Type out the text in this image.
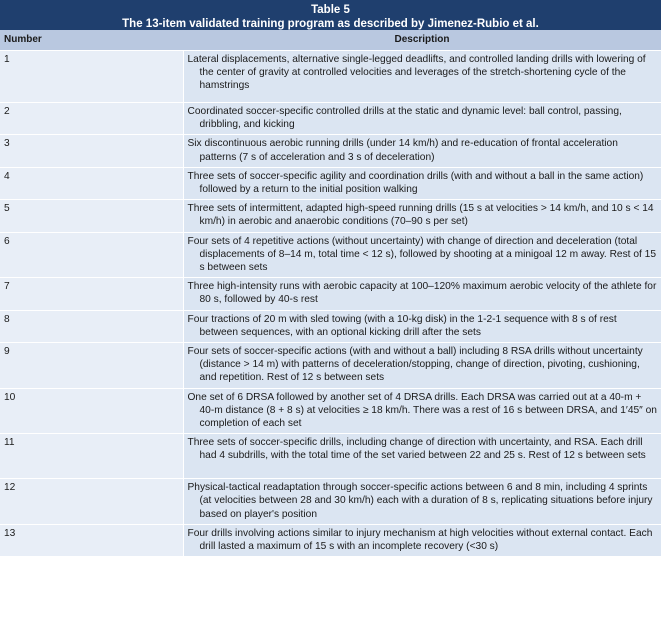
Table 5
The 13-item validated training program as described by Jimenez-Rubio et al.
Number	Description
1	Lateral displacements, alternative single-legged deadlifts, and controlled landing drills with lowering of the center of gravity at controlled velocities and leverages of the stretch-shortening cycle of the hamstrings

2	Coordinated soccer-specific controlled drills at the static and dynamic level: ball control, passing, dribbling, and kicking

3	Six discontinuous aerobic running drills (under 14 km/h) and re-education of frontal acceleration patterns (7 s of acceleration and 3 s of deceleration)

4	Three sets of soccer-specific agility and coordination drills (with and without a ball in the same action) followed by a return to the initial position walking

5	Three sets of intermittent, adapted high-speed running drills (15 s at velocities > 14 km/h, and 10 s < 14 km/h) in aerobic and anaerobic conditions (70–90 s per set)

6	Four sets of 4 repetitive actions (without uncertainty) with change of direction and deceleration (total displacements of 8–14 m, total time < 12 s), followed by shooting at a minigoal 12 m away. Rest of 15 s between sets

7	Three high-intensity runs with aerobic capacity at 100–120% maximum aerobic velocity of the athlete for 80 s, followed by 40-s rest

8	Four tractions of 20 m with sled towing (with a 10-kg disk) in the 1-2-1 sequence with 8 s of rest between sequences, with an optional kicking drill after the sets

9	Four sets of soccer-specific actions (with and without a ball) including 8 RSA drills without uncertainty (distance > 14 m) with patterns of deceleration/stopping, change of direction, pivoting, cushioning, and repetition. Rest of 12 s between sets

10	One set of 6 DRSA followed by another set of 4 DRSA drills. Each DRSA was carried out at a 40-m + 40-m distance (8 + 8 s) at velocities ≥ 18 km/h. There was a rest of 16 s between DRSA, and 1′45″ on completion of each set

11	Three sets of soccer-specific drills, including change of direction with uncertainty, and RSA. Each drill had 4 subdrills, with the total time of the set varied between 22 and 25 s. Rest of 12 s between sets

12	Physical-tactical readaptation through soccer-specific actions between 6 and 8 min, including 4 sprints (at velocities between 28 and 30 km/h) each with a duration of 8 s, replicating situations before injury based on player's position

13	Four drills involving actions similar to injury mechanism at high velocities without external contact. Each drill lasted a maximum of 15 s with an incomplete recovery (<30 s)
